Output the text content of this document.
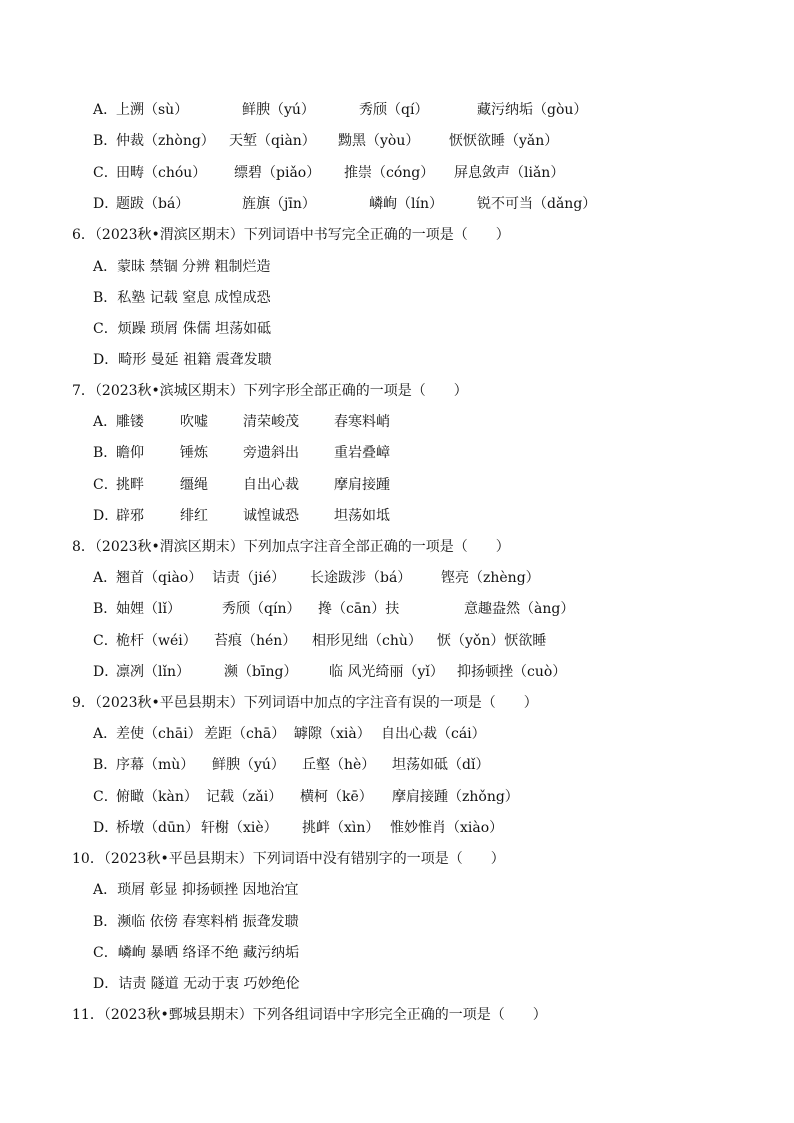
A．
上溯（sù）	鲜腴（yú）	秀颀（qí）	藏污纳垢（gòu）
B．
仲裁（zhòng） 天堑（qiàn） 黝黑（yòu） 恹恹欲睡（yǎn）
C．
田畴（chóu） 缥碧（piǎo） 推崇（cóng） 屏息敛声（liǎn）
D．
题跋（bá）	旌旗（jīn）	嶙峋（lín） 锐不可当（dǎng）
6．（2023秋•渭滨区期末）下列词语中书写完全正确的一项是（　　）
A．蒙昧 禁锢 分辨 粗制烂造
B．私塾 记载 窒息 成惶成恐
C．烦躁 琐屑 侏儒 坦荡如砥
D．畸形 曼延 祖籍 震聋发聩
7．（2023秋•滨城区期末）下列字形全部正确的一项是（　　）
A．
雕镂	吹嘘	清荣峻茂	春寒料峭
B．
瞻仰	锤炼	旁遗斜出	重岩叠嶂
C．
挑畔	缰绳	自出心裁	摩肩接踵
D．
辟邪	绯红	诚惶诚恐	坦荡如坻
8．（2023秋•渭滨区期末）下列加点字注音全部正确的一项是（　　）
A．
翘首（qiào） 诘责（jié） 长途跋涉（bá） 铿亮（zhèng）
B．
妯娌（lǐ）	秀颀（qín） 搀（cān）扶	意趣盎然（àng）
C．
桅杆（wéi） 苔痕（hén） 相形见绌（chù） 恹（yǒn）恹欲睡
D．
凛冽（lǐn） 濒（bīng） 临 风光绮丽（yǐ） 抑扬顿挫（cuò）
9．（2023秋•平邑县期末）下列词语中加点的字注音有误的一项是（　　）
A．
差使（chāi） 差距（chā） 罅隙（xià） 自出心裁（cái）
B．
序幕（mù） 鲜腴（yú） 丘壑（hè） 坦荡如砥（dǐ）
C．
俯瞰（kàn） 记载（zǎi） 横柯（kē） 摩肩接踵（zhǒng）
D．
桥墩（dūn） 轩榭（xiè） 挑衅（xìn） 惟妙惟肖（xiào）
10．（2023秋•平邑县期末）下列词语中没有错别字的一项是（　　）
A．琐屑 彰显 抑扬顿挫 因地治宜
B．濒临 依傍 春寒料梢 振聋发聩
C．嶙峋 暴晒 络译不绝 藏污纳垢
D．诘责 隧道 无动于衷 巧妙绝伦
11．（2023秋•鄄城县期末）下列各组词语中字形完全正确的一项是（　　）
